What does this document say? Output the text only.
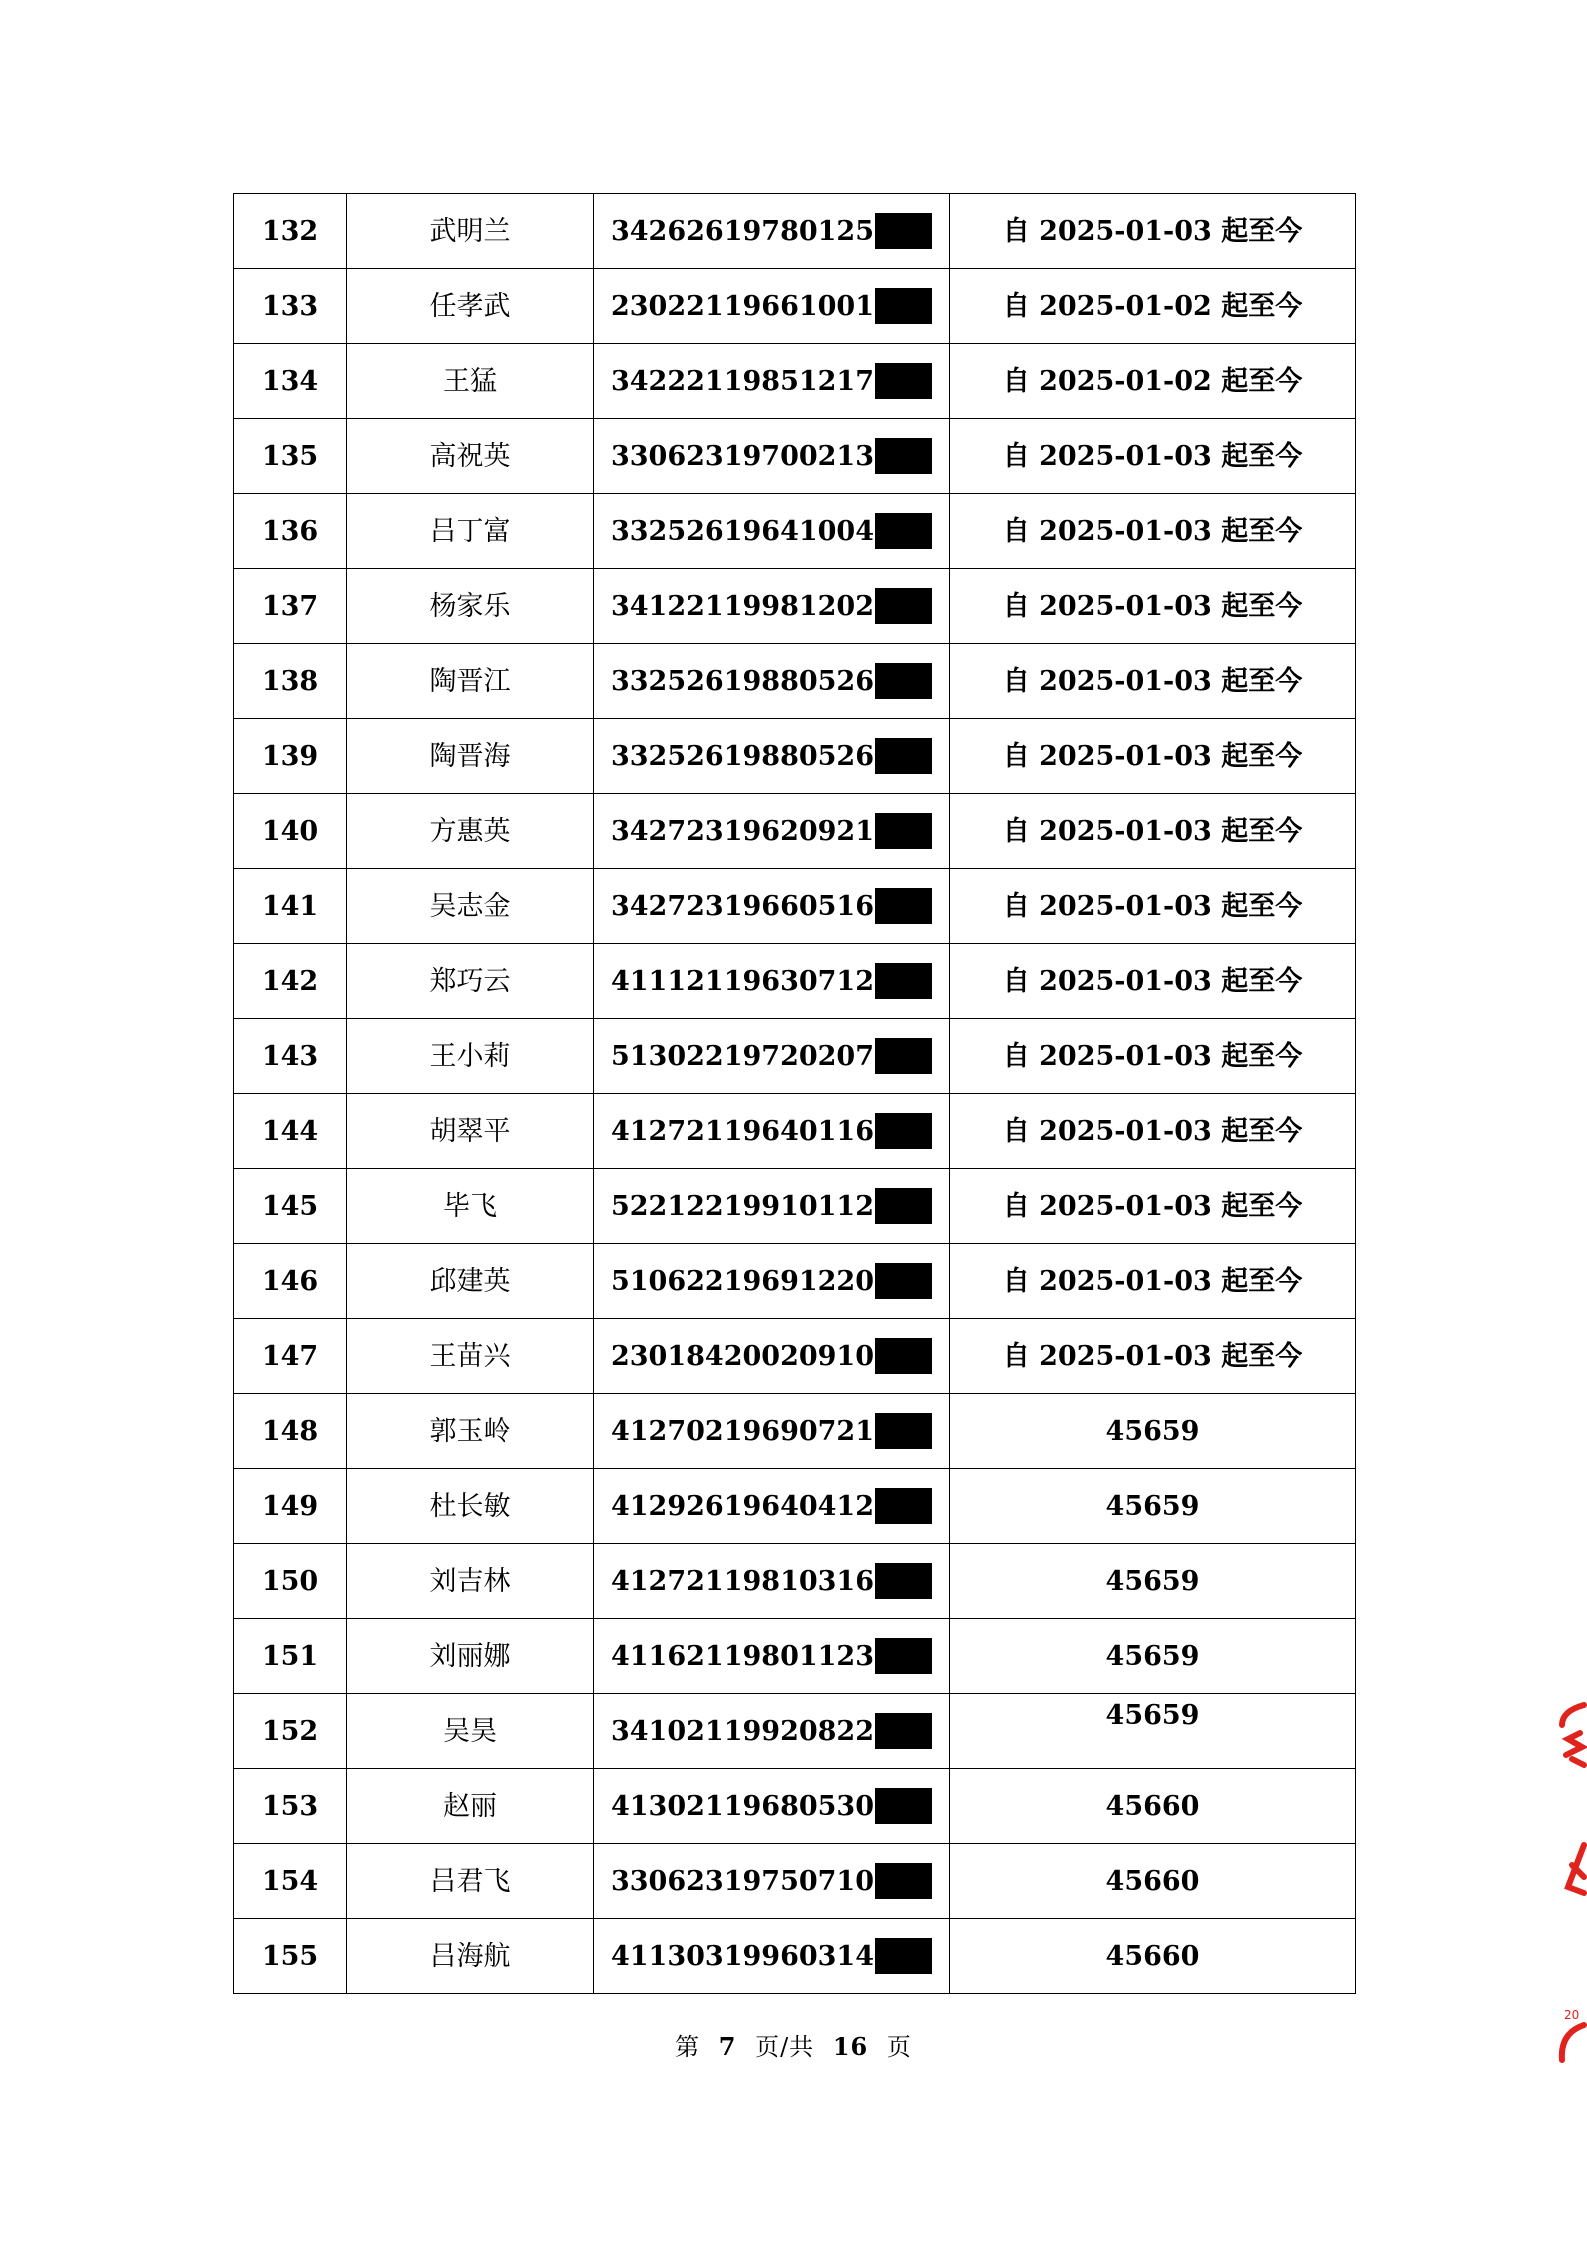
132	武明兰	34262619780125	自 2025-01-03 起至今
133	任孝武	23022119661001	自 2025-01-02 起至今
134	王猛	34222119851217	自 2025-01-02 起至今
135	高祝英	33062319700213	自 2025-01-03 起至今
136	吕丁富	33252619641004	自 2025-01-03 起至今
137	杨家乐	34122119981202	自 2025-01-03 起至今
138	陶晋江	33252619880526	自 2025-01-03 起至今
139	陶晋海	33252619880526	自 2025-01-03 起至今
140	方惠英	34272319620921	自 2025-01-03 起至今
141	吴志金	34272319660516	自 2025-01-03 起至今
142	郑巧云	41112119630712	自 2025-01-03 起至今
143	王小莉	51302219720207	自 2025-01-03 起至今
144	胡翠平	41272119640116	自 2025-01-03 起至今
145	毕飞	52212219910112	自 2025-01-03 起至今
146	邱建英	51062219691220	自 2025-01-03 起至今
147	王苗兴	23018420020910	自 2025-01-03 起至今
148	郭玉岭	41270219690721	45659
149	杜长敏	41292619640412	45659
150	刘吉林	41272119810316	45659
151	刘丽娜	41162119801123	45659
152	吴昊	34102119920822	45659
153	赵丽	41302119680530	45660
154	吕君飞	33062319750710	45660
155	吕海航	41130319960314	45660
第 7 页/共 16 页
20
